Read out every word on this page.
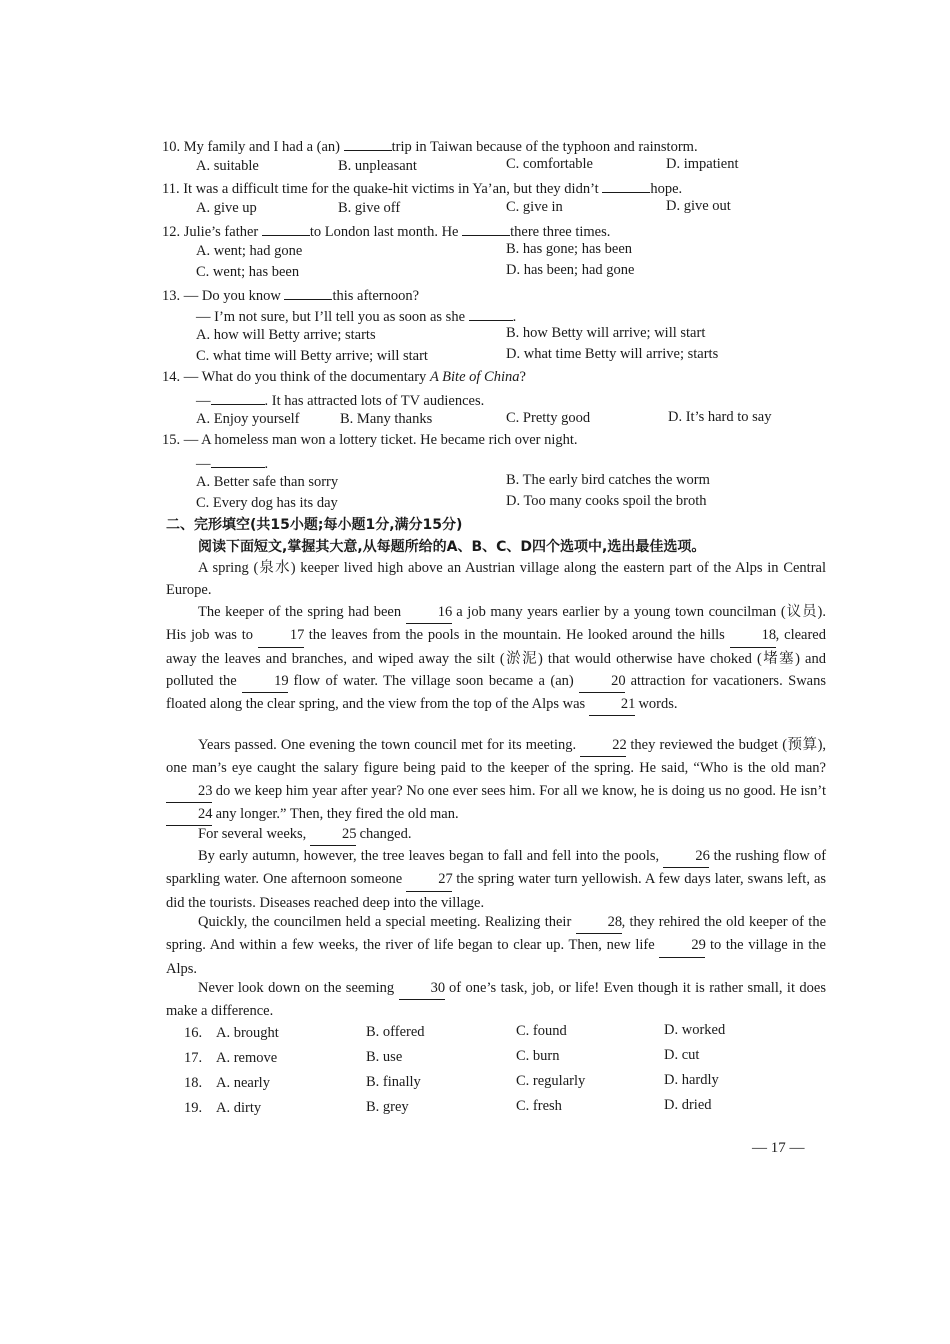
10. My family and I had a (an)	trip in Taiwan because of the typhoon and rainstorm.
A. suitable	B. unpleasant	C. comfortable	D. impatient
11. It was a difficult time for the quake-hit victims in Ya’an, but they didn’t	hope.
A. give up	B. give off	C. give in	D. give out
12. Julie’s father	to London last month. He	there three times.
A. went; had gone	B. has gone; has been
C. went; has been	D. has been; had gone
13. — Do you know	this afternoon?
— I’m not sure, but I’ll tell you as soon as she	.
A. how will Betty arrive; starts	B. how Betty will arrive; will start
C. what time will Betty arrive; will start	D. what time Betty will arrive; starts
14. — What do you think of the documentary A Bite of China?
—	. It has attracted lots of TV audiences.
A. Enjoy yourself	B. Many thanks	C. Pretty good	D. It’s hard to say
15. — A homeless man won a lottery ticket. He became rich over night.
—	.
A. Better safe than sorry	B. The early bird catches the worm
C. Every dog has its day	D. Too many cooks spoil the broth
二、完形填空(共15小题;每小题1分,满分15分)
阅读下面短文,掌握其大意,从每题所给的A、B、C、D四个选项中,选出最佳选项。
A spring (泉水) keeper lived high above an Austrian village along the eastern part of the Alps in Central Europe.
The keeper of the spring had been	16 a job many years earlier by a young town councilman (议员). His job was to	17 the leaves from the pools in the mountain. He looked around the hills	18, cleared away the leaves and branches, and wiped away the silt (淤泥) that would otherwise have choked (堵塞) and polluted the	19 flow of water. The village soon became a (an)	20 attraction for vacationers. Swans floated along the clear spring, and the view from the top of the Alps was 21 words.
Years passed. One evening the town council met for its meeting. 22 they reviewed the budget (预算), one man’s eye caught the salary figure being paid to the keeper of the spring. He said, “Who is the old man? 23 do we keep him year after year? No one ever sees him. For all we know, he is doing us no good. He isn’t 24 any longer.” Then, they fired the old man.
For several weeks, 25 changed.
By early autumn, however, the tree leaves began to fall and fell into the pools, 26 the rushing flow of sparkling water. One afternoon someone 27 the spring water turn yellowish. A few days later, swans left, as did the tourists. Diseases reached deep into the village.
Quickly, the councilmen held a special meeting. Realizing their	28, they rehired the old keeper of the spring. And within a few weeks, the river of life began to clear up. Then, new life	29 to the village in the Alps.
Never look down on the seeming	30 of one’s task, job, or life! Even though it is rather small, it does make a difference.
16. A. brought	B. offered	C. found	D. worked
17. A. remove	B. use	C. burn	D. cut
18. A. nearly	B. finally	C. regularly	D. hardly
19. A. dirty	B. grey	C. fresh	D. dried
— 17 —
